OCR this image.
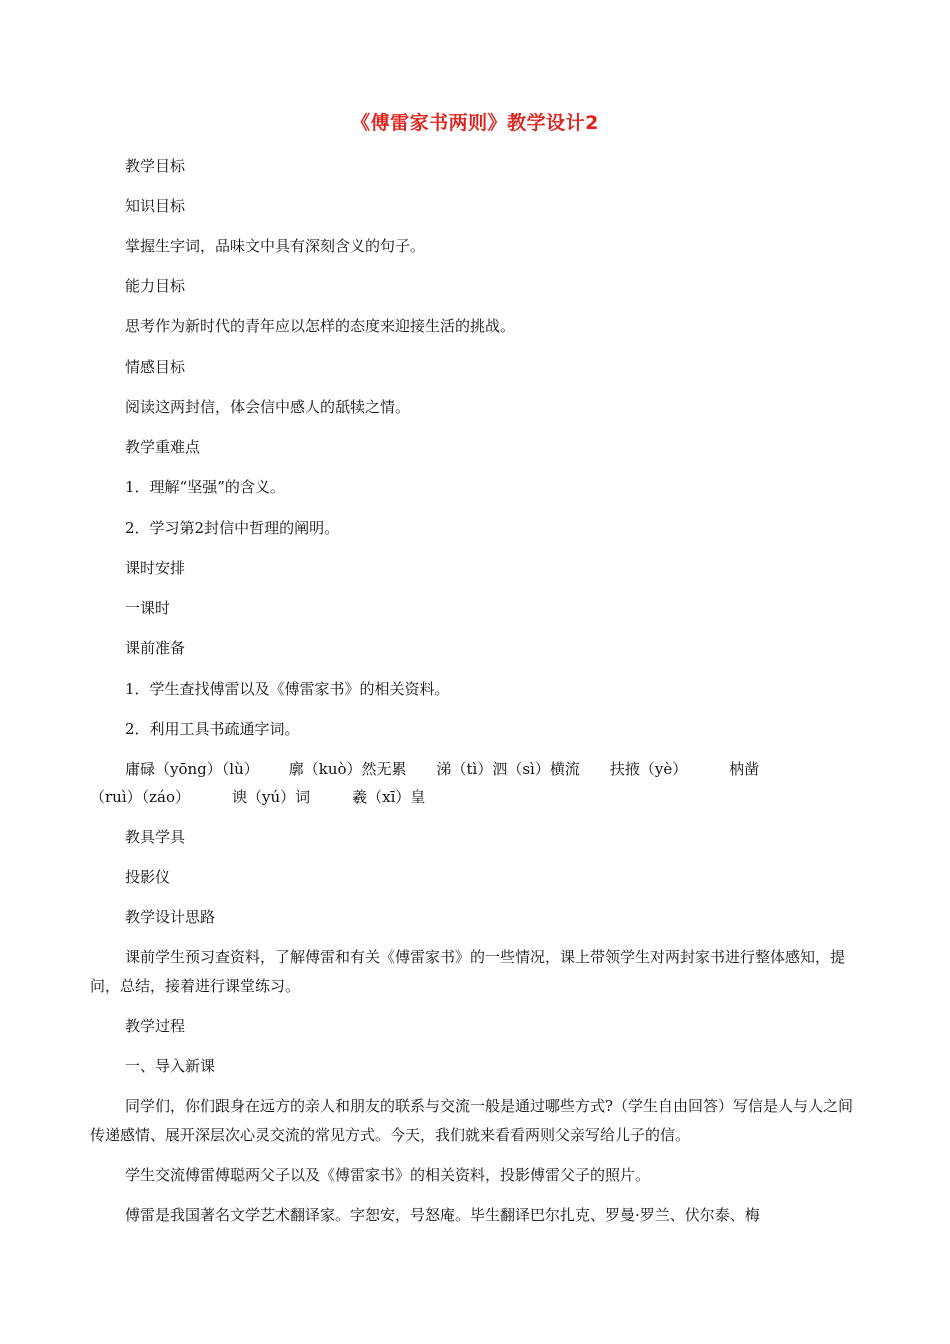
《傅雷家书两则》教学设计2

教学目标

知识目标

掌握生字词，品味文中具有深刻含义的句子。

能力目标

思考作为新时代的青年应以怎样的态度来迎接生活的挑战。

情感目标

阅读这两封信，体会信中感人的舐犊之情。

教学重难点

1．理解“坚强”的含义。

2．学习第2封信中哲理的阐明。

课时安排

一课时

课前准备

1．学生查找傅雷以及《傅雷家书》的相关资料。

2．利用工具书疏通字词。

庸碌（yōng）（lù） 廓（kuò）然无累 涕（tì）泗（sì）横流 扶掖（yè）	枘凿
（ruì）（záo）	谀（yú）词	羲（xī）皇

教具学具

投影仪

教学设计思路

课前学生预习查资料，了解傅雷和有关《傅雷家书》的一些情况，课上带领学生对两封家书进行整体感知，提问，总结，接着进行课堂练习。

教学过程

一、导入新课

同学们，你们跟身在远方的亲人和朋友的联系与交流一般是通过哪些方式?（学生自由回答）写信是人与人之间传递感情、展开深层次心灵交流的常见方式。今天，我们就来看看两则父亲写给儿子的信。

学生交流傅雷傅聪两父子以及《傅雷家书》的相关资料，投影傅雷父子的照片。

傅雷是我国著名文学艺术翻译家。字恕安，号怒庵。毕生翻译巴尔扎克、罗曼·罗兰、伏尔泰、梅
